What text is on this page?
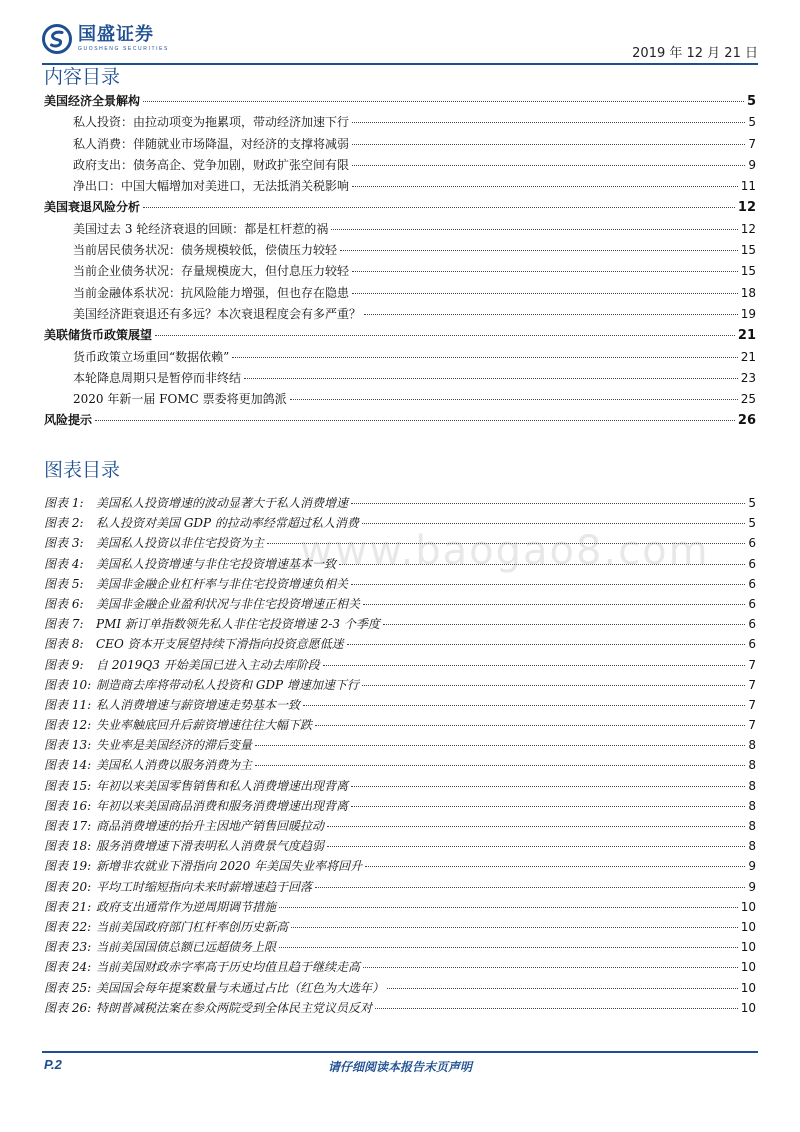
国盛证券
GUOSHENG SECURITIES	2019 年 12 月 21 日
内容目录
美国经济全景解构	5
私人投资：由拉动项变为拖累项，带动经济加速下行	5
私人消费：伴随就业市场降温，对经济的支撑将减弱	7
政府支出：债务高企、党争加剧，财政扩张空间有限	9
净出口：中国大幅增加对美进口，无法抵消关税影响	11
美国衰退风险分析	12
美国过去 3 轮经济衰退的回顾：都是杠杆惹的祸	12
当前居民债务状况：债务规模较低，偿债压力较轻	15
当前企业债务状况：存量规模庞大，但付息压力较轻	15
当前金融体系状况：抗风险能力增强，但也存在隐患	18
美国经济距衰退还有多远？本次衰退程度会有多严重？	19
美联储货币政策展望	21
货币政策立场重回“数据依赖”	21
本轮降息周期只是暂停而非终结	23
2020 年新一届 FOMC 票委将更加鸽派	25
风险提示	26
图表目录
图表 1:	美国私人投资增速的波动显著大于私人消费增速	5
图表 2:	私人投资对美国 GDP 的拉动率经常超过私人消费	5
图表 3:	美国私人投资以非住宅投资为主	6
图表 4:	美国私人投资增速与非住宅投资增速基本一致	6
图表 5:	美国非金融企业杠杆率与非住宅投资增速负相关	6
图表 6:	美国非金融企业盈利状况与非住宅投资增速正相关	6
图表 7:	PMI 新订单指数领先私人非住宅投资增速 2-3 个季度	6
图表 8:	CEO 资本开支展望持续下滑指向投资意愿低迷	6
图表 9:	自 2019Q3 开始美国已进入主动去库阶段	7
图表 10: 制造商去库将带动私人投资和 GDP 增速加速下行	7
图表 11: 私人消费增速与薪资增速走势基本一致	7
图表 12: 失业率触底回升后薪资增速往往大幅下跌	7
图表 13: 失业率是美国经济的滞后变量	8
图表 14: 美国私人消费以服务消费为主	8
图表 15: 年初以来美国零售销售和私人消费增速出现背离	8
图表 16: 年初以来美国商品消费和服务消费增速出现背离	8
图表 17: 商品消费增速的抬升主因地产销售回暖拉动	8
图表 18: 服务消费增速下滑表明私人消费景气度趋弱	8
图表 19: 新增非农就业下滑指向 2020 年美国失业率将回升	9
图表 20: 平均工时缩短指向未来时薪增速趋于回落	9
图表 21: 政府支出通常作为逆周期调节措施	10
图表 22: 当前美国政府部门杠杆率创历史新高	10
图表 23: 当前美国国债总额已远超债务上限	10
图表 24: 当前美国财政赤字率高于历史均值且趋于继续走高	10
图表 25: 美国国会每年提案数量与未通过占比（红色为大选年）	10
图表 26: 特朗普减税法案在参众两院受到全体民主党议员反对	10
www.baogao8.com
P.2	请仔细阅读本报告末页声明
